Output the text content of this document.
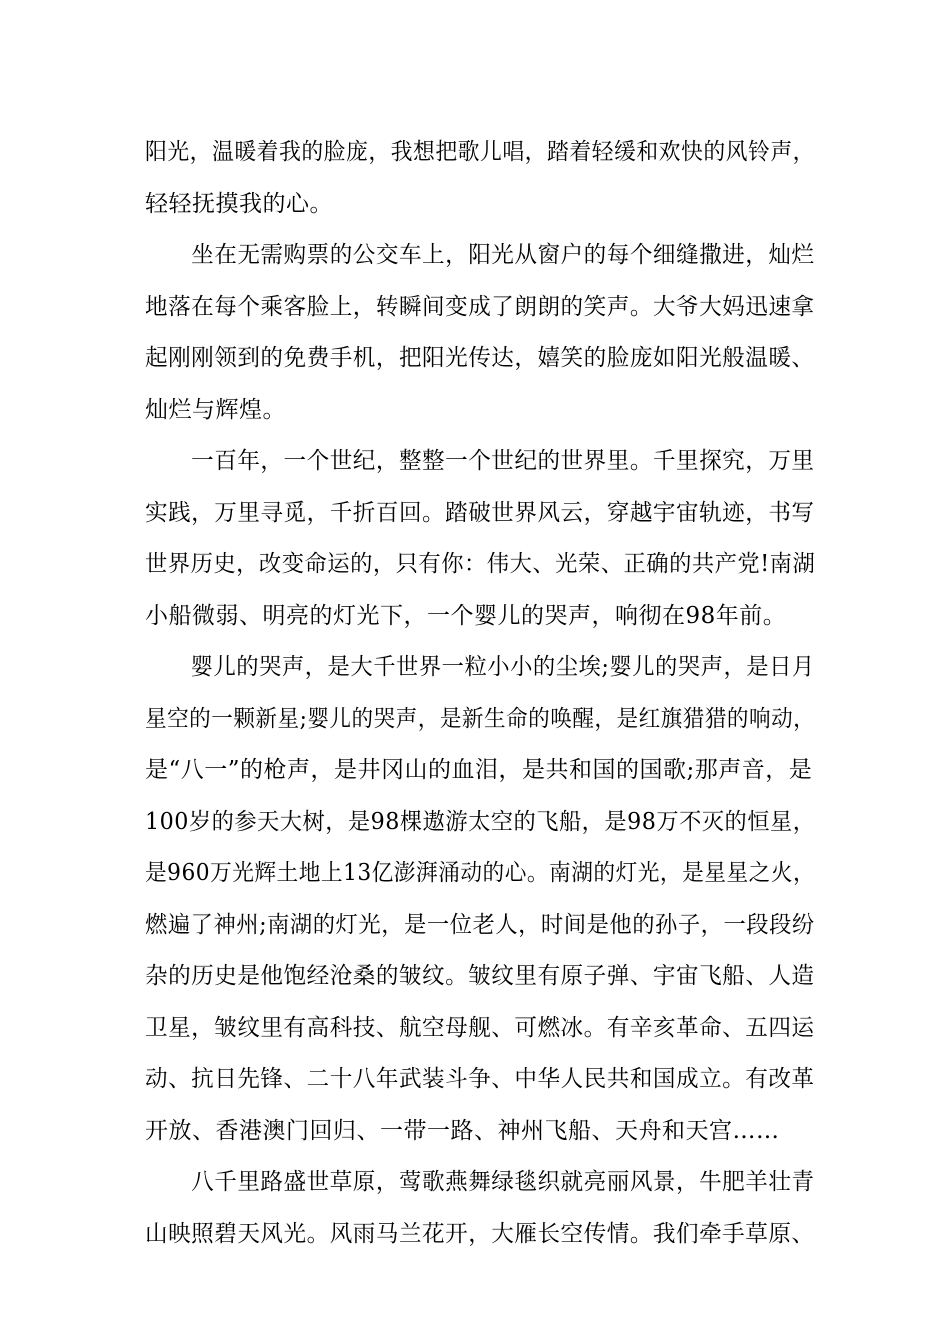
阳光，温暖着我的脸庞，我想把歌儿唱，踏着轻缓和欢快的风铃声，
轻轻抚摸我的心。
　　坐在无需购票的公交车上，阳光从窗户的每个细缝撒进，灿烂
地落在每个乘客脸上，转瞬间变成了朗朗的笑声。大爷大妈迅速拿
起刚刚领到的免费手机，把阳光传达，嬉笑的脸庞如阳光般温暖、
灿烂与辉煌。
　　一百年，一个世纪，整整一个世纪的世界里。千里探究，万里
实践，万里寻觅，千折百回。踏破世界风云，穿越宇宙轨迹，书写
世界历史，改变命运的，只有你：伟大、光荣、正确的共产党!南湖
小船微弱、明亮的灯光下，一个婴儿的哭声，响彻在98年前。
　　婴儿的哭声，是大千世界一粒小小的尘埃;婴儿的哭声，是日月
星空的一颗新星;婴儿的哭声，是新生命的唤醒，是红旗猎猎的响动，
是“八一”的枪声，是井冈山的血泪，是共和国的国歌;那声音，是
100岁的参天大树，是98棵遨游太空的飞船，是98万不灭的恒星，
是960万光辉土地上13亿澎湃涌动的心。南湖的灯光，是星星之火，
燃遍了神州;南湖的灯光，是一位老人，时间是他的孙子，一段段纷
杂的历史是他饱经沧桑的皱纹。皱纹里有原子弹、宇宙飞船、人造
卫星，皱纹里有高科技、航空母舰、可燃冰。有辛亥革命、五四运
动、抗日先锋、二十八年武装斗争、中华人民共和国成立。有改革
开放、香港澳门回归、一带一路、神州飞船、天舟和天宫……
　　八千里路盛世草原，莺歌燕舞绿毯织就亮丽风景，牛肥羊壮青
山映照碧天风光。风雨马兰花开，大雁长空传情。我们牵手草原、
